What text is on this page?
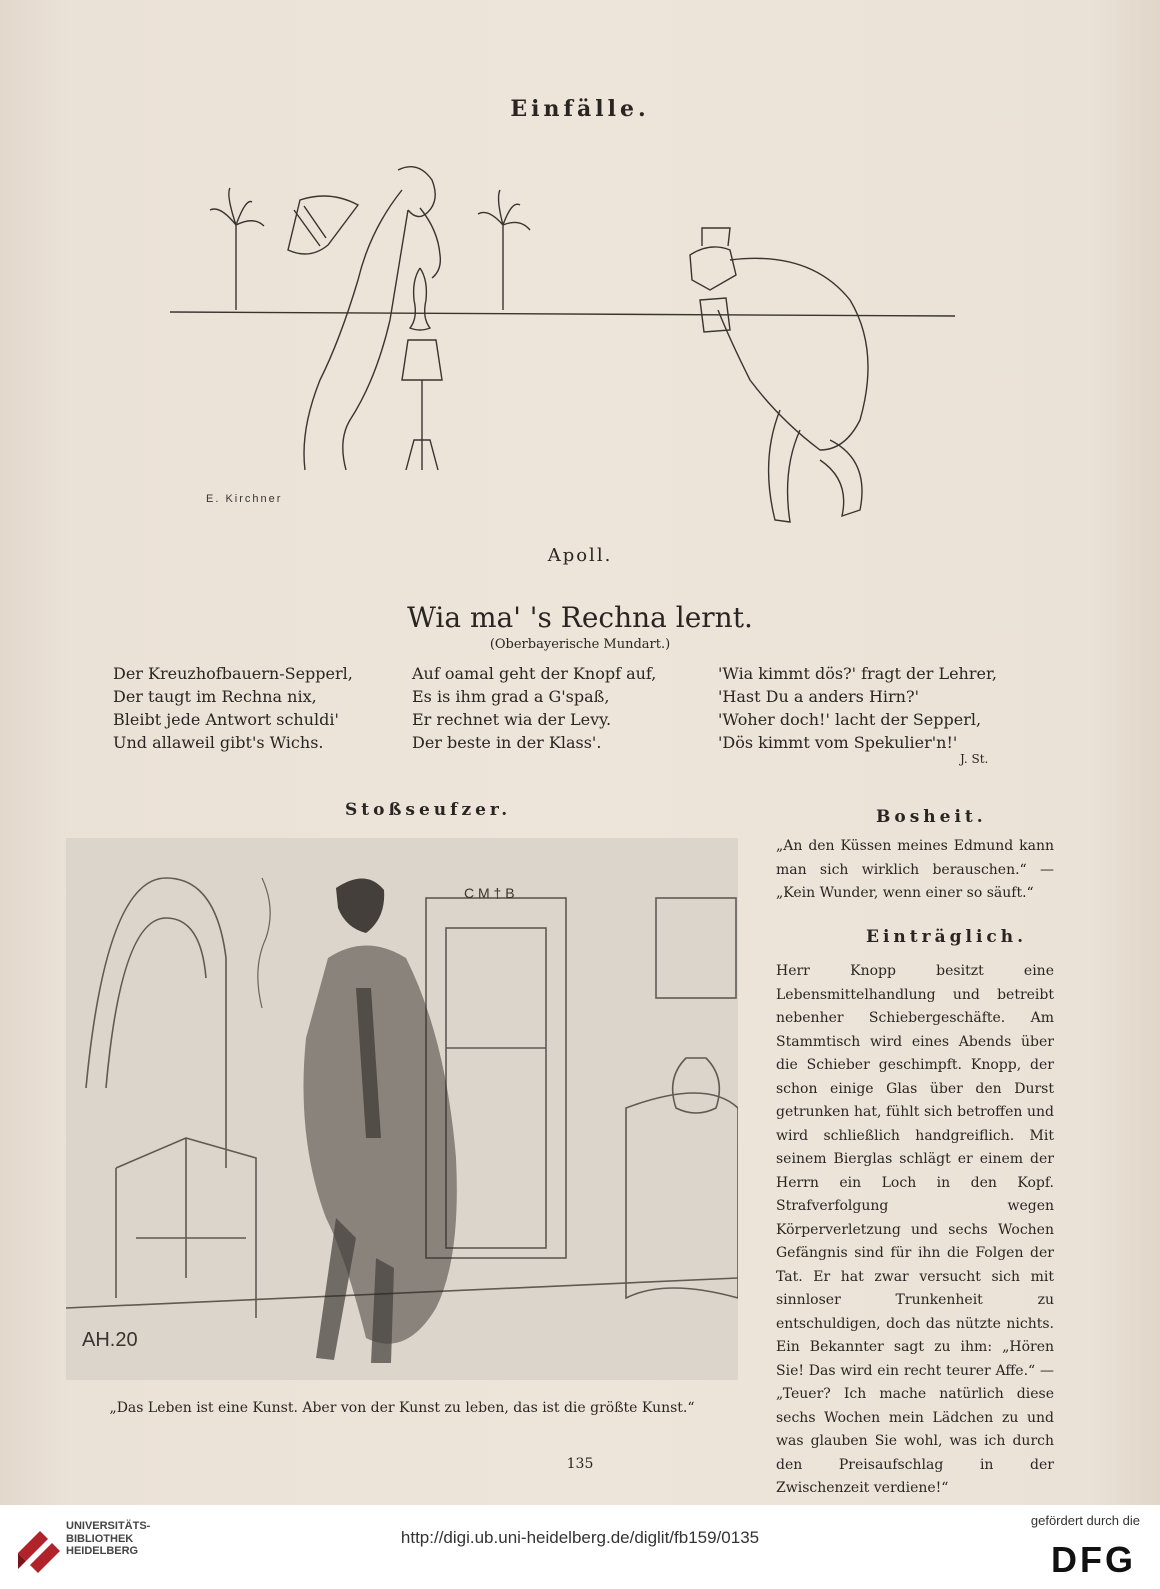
Einfälle.
E. Kirchner
Apoll.
Wia ma' 's Rechna lernt.
(Oberbayerische Mundart.)
Der Kreuzhofbauern-Sepperl,
Der taugt im Rechna nix,
Bleibt jede Antwort schuldi'
Und allaweil gibt's Wichs.
Auf oamal geht der Knopf auf,
Es is ihm grad a G'spaß,
Er rechnet wia der Levy.
Der beste in der Klass'.
'Wia kimmt dös?' fragt der Lehrer,
'Hast Du a anders Hirn?'
'Woher doch!' lacht der Sepperl,
'Dös kimmt vom Spekulier'n!'
J. St.
Stoßseufzer.
C M † B
AH.20
„Das Leben ist eine Kunst. Aber von der Kunst zu leben, das ist die größte Kunst.“
Bosheit.
„An den Küssen meines Edmund kann man sich wirklich berauschen.“ — „Kein Wunder, wenn einer so säuft.“
Einträglich.
Herr Knopp besitzt eine Lebensmittelhandlung und betreibt nebenher Schiebergeschäfte. Am Stammtisch wird eines Abends über die Schieber geschimpft. Knopp, der schon einige Glas über den Durst getrunken hat, fühlt sich betroffen und wird schließlich handgreiflich. Mit seinem Bierglas schlägt er einem der Herrn ein Loch in den Kopf. Strafverfolgung wegen Körperverletzung und sechs Wochen Gefängnis sind für ihn die Folgen der Tat. Er hat zwar versucht sich mit sinnloser Trunkenheit zu entschuldigen, doch das nützte nichts. Ein Bekannter sagt zu ihm: „Hören Sie! Das wird ein recht teurer Affe.“ — „Teuer? Ich mache natürlich diese sechs Wochen mein Lädchen zu und was glauben Sie wohl, was ich durch den Preisaufschlag in der Zwischenzeit verdiene!“
135
UNIVERSITÄTS-
BIBLIOTHEK
HEIDELBERG
http://digi.ub.uni-heidelberg.de/diglit/fb159/0135
gefördert durch die
DFG
